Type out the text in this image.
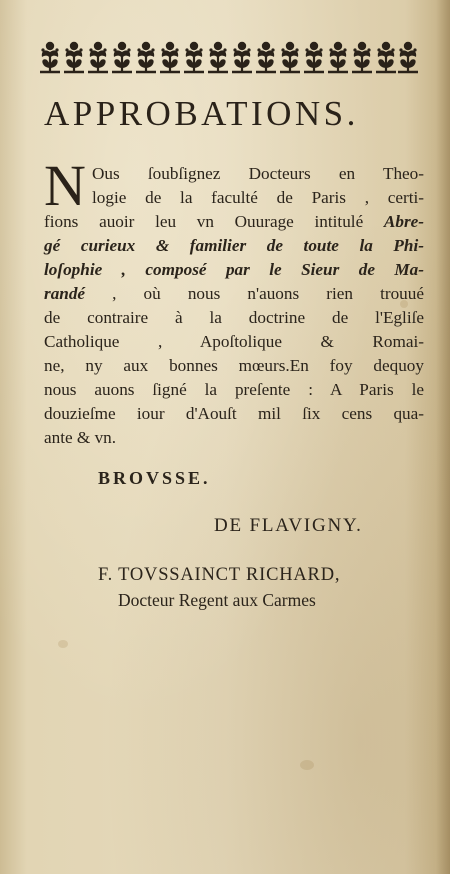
APPROBATIONS.
N Ous ſoubſignez Docteurs en Theo-
logie de la faculté de Paris , certi-
fions auoir leu vn Ouurage intitulé Abre-
gé curieux & familier de toute la Phi-
loſophie , composé par le Sieur de Ma-
randé , où nous n'auons rien trouué
de contraire à la doctrine de l'Egliſe
Catholique , Apoſtolique & Romai-
ne, ny aux bonnes mœurs.En foy dequoy
nous auons ſigné la preſente : A Paris le
douzieſme iour d'Aouſt mil ſix cens qua-
ante & vn.
BROVSSE.
DE FLAVIGNY.
F. TOVSSAINCT RICHARD,
Docteur Regent aux Carmes
